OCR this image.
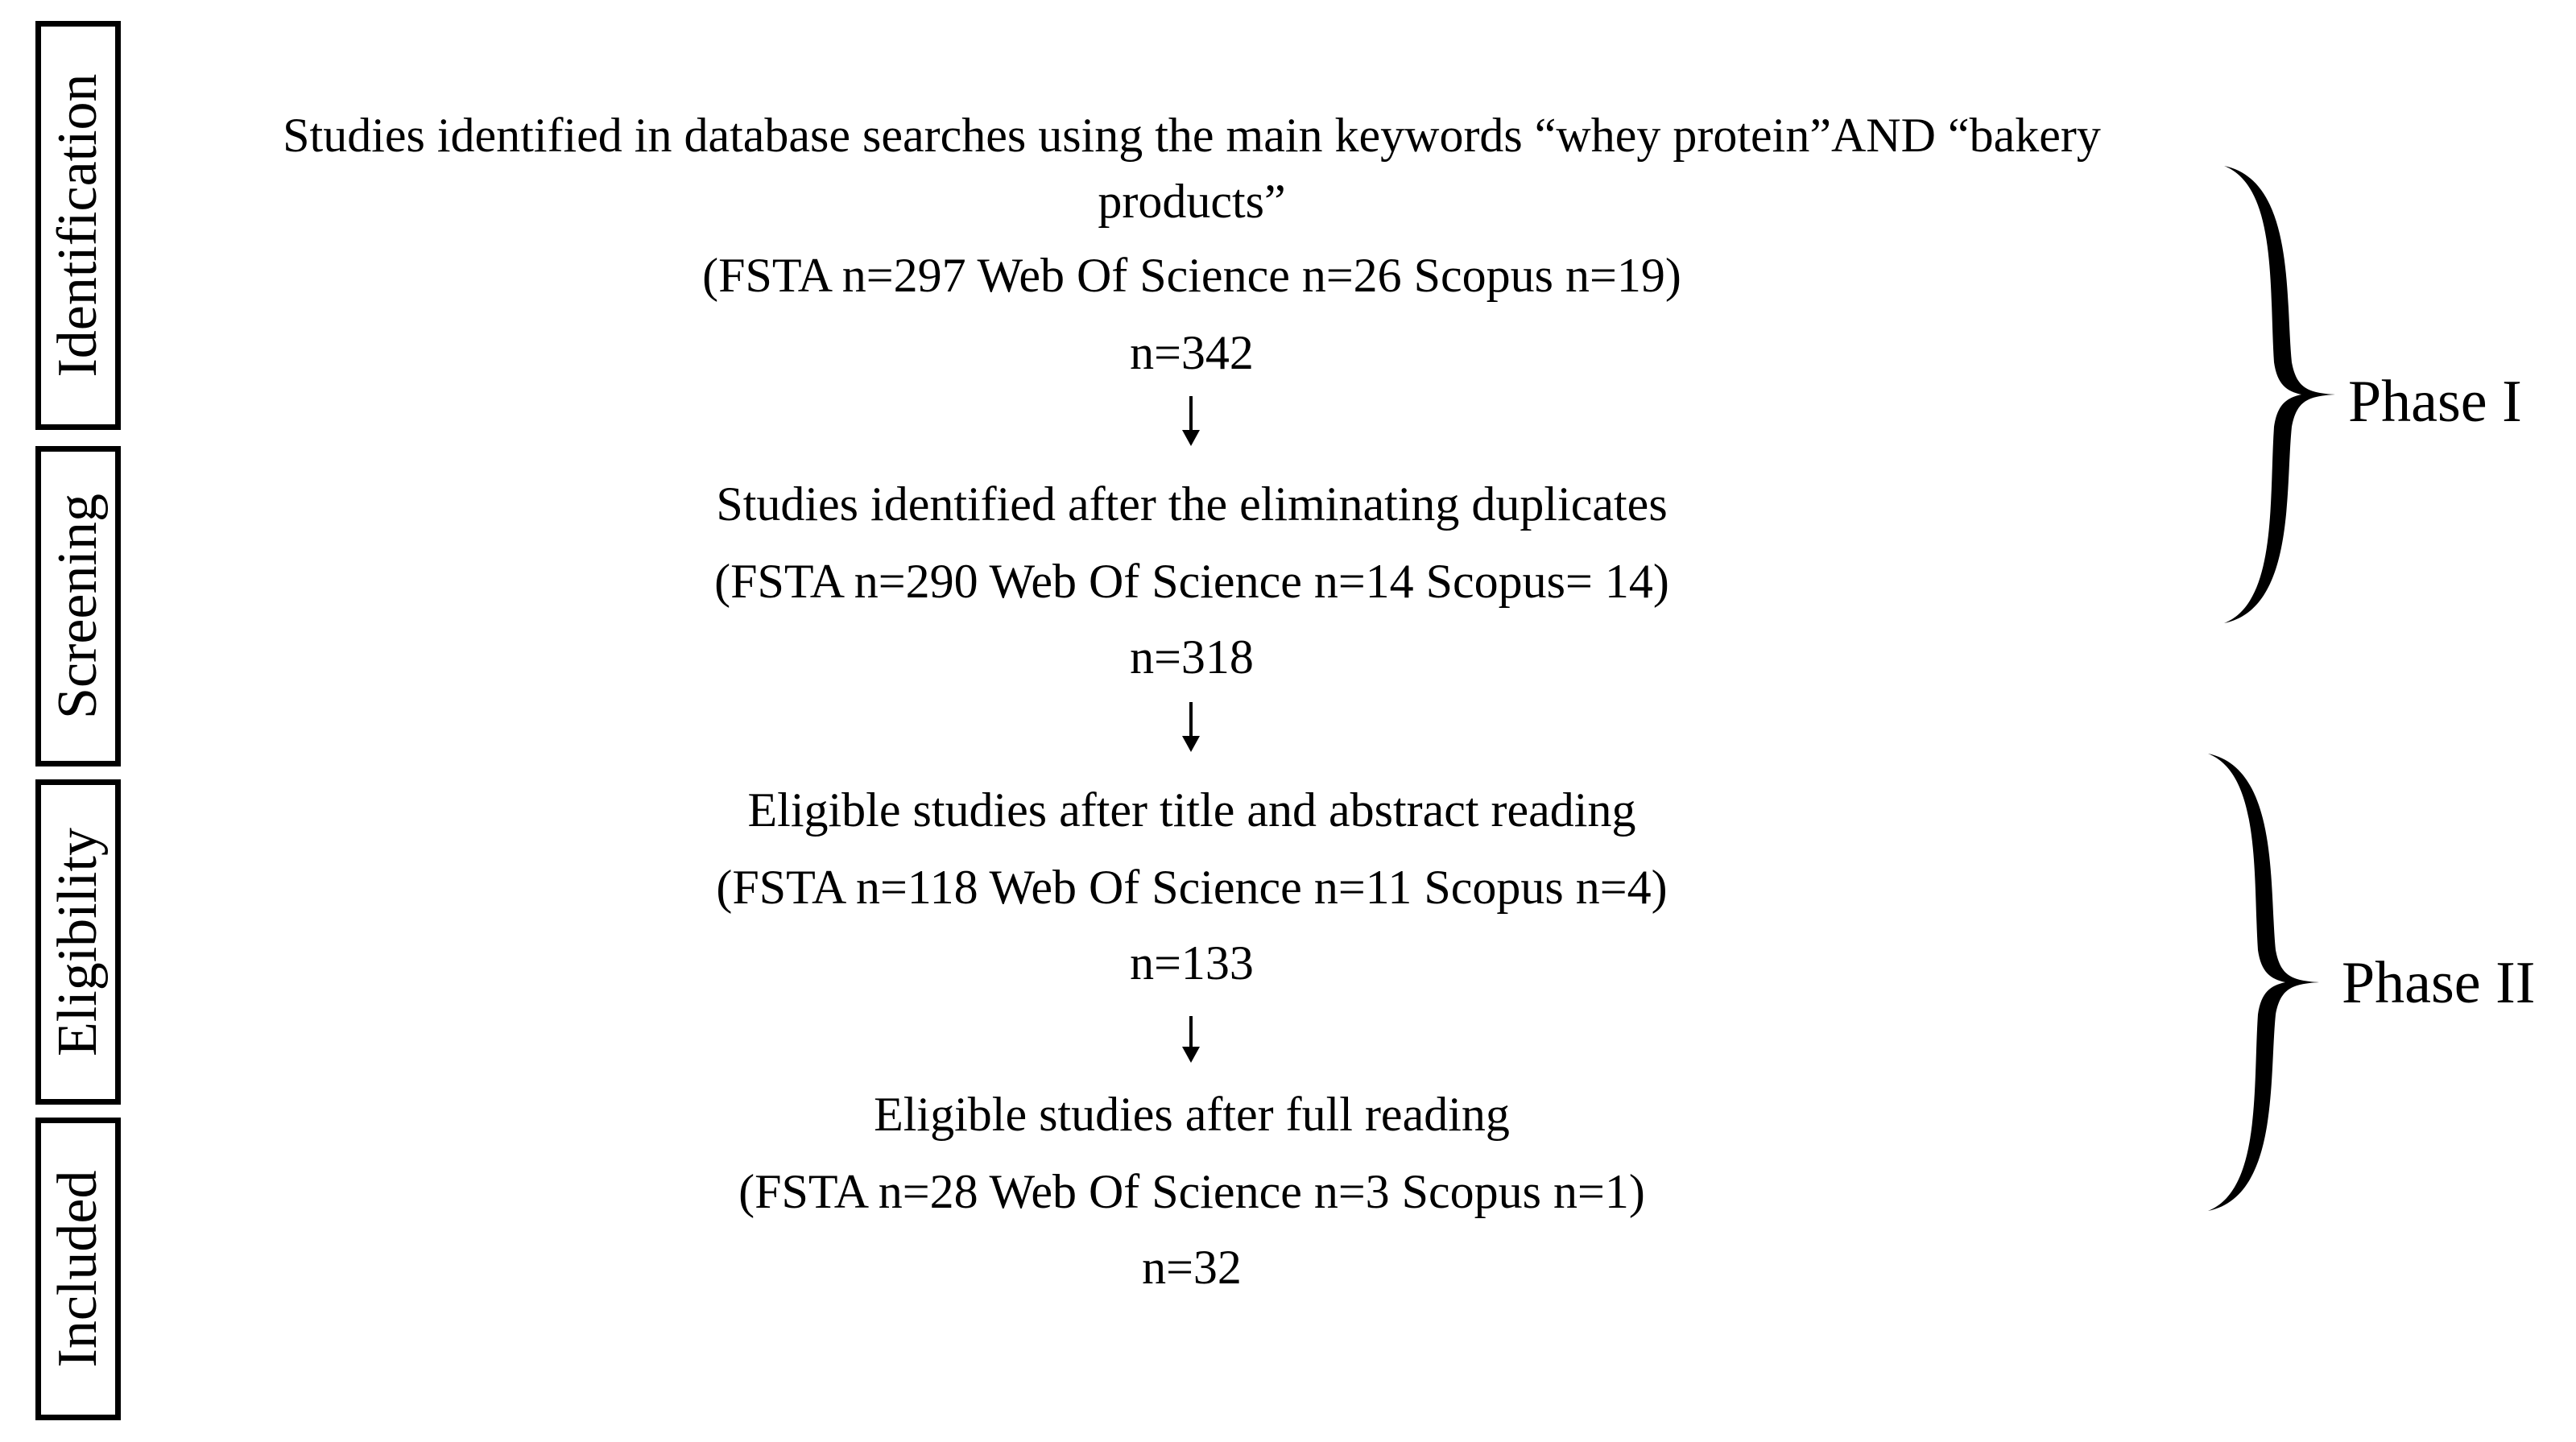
Identification
Screening
Eligibility
Included
Studies identified in database searches using the main keywords “whey protein”AND “bakery
products”
(FSTA n=297 Web Of Science n=26 Scopus n=19)
n=342
Studies identified after the eliminating duplicates
(FSTA n=290 Web Of Science n=14 Scopus= 14)
n=318
Eligible studies after title and abstract reading
(FSTA n=118 Web Of Science n=11 Scopus n=4)
n=133
Eligible studies after full reading
(FSTA n=28 Web Of Science n=3 Scopus n=1)
n=32
Phase I
Phase II
